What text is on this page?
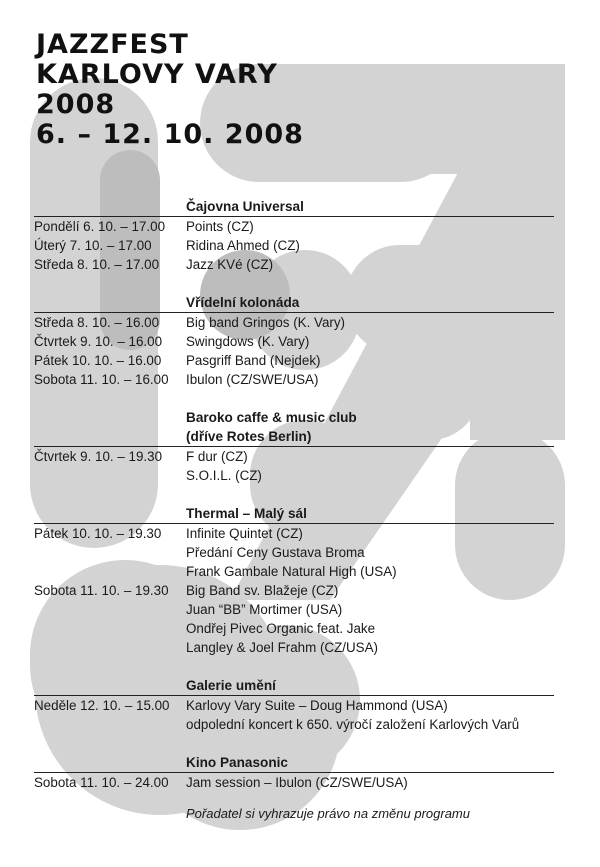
JAZZFEST
KARLOVY VARY
2008
6. – 12. 10. 2008
Čajovna Universal
Pondělí 6. 10. – 17.00	Points (CZ)
Úterý 7. 10. – 17.00	Ridina Ahmed (CZ)
Středa 8. 10. – 17.00	Jazz KVé (CZ)
Vřídelní kolonáda
Středa 8. 10. – 16.00	Big band Gringos (K. Vary)
Čtvrtek 9. 10. – 16.00	Swingdows (K. Vary)
Pátek 10. 10. – 16.00	Pasgriff Band (Nejdek)
Sobota 11. 10. – 16.00	Ibulon (CZ/SWE/USA)
Baroko caffe & music club
(dříve Rotes Berlin)
Čtvrtek 9. 10. – 19.30	F dur (CZ)
S.O.I.L. (CZ)
Thermal – Malý sál
Pátek 10. 10. – 19.30	Infinite Quintet (CZ)
Předání Ceny Gustava Broma
Frank Gambale Natural High (USA)
Sobota 11. 10. – 19.30	Big Band sv. Blažeje (CZ)
Juan “BB” Mortimer (USA)
Ondřej Pivec Organic feat. Jake
Langley & Joel Frahm (CZ/USA)
Galerie umění
Neděle 12. 10. – 15.00	Karlovy Vary Suite – Doug Hammond (USA)
odpolední koncert k 650. výročí založení Karlových Varů
Kino Panasonic
Sobota 11. 10. – 24.00	Jam session – Ibulon (CZ/SWE/USA)
Pořadatel si vyhrazuje právo na změnu programu
